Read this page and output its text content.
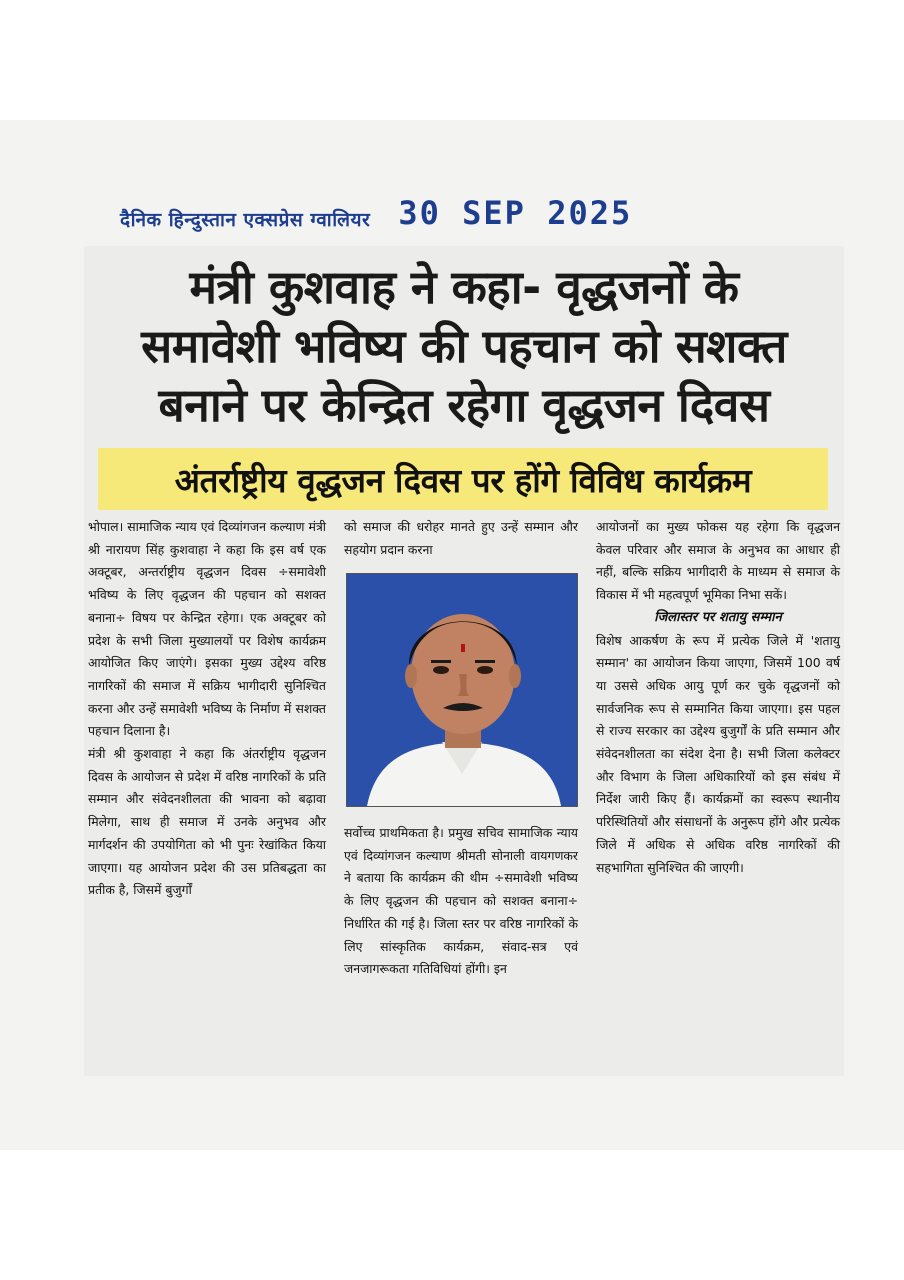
दैनिक हिन्दुस्तान एक्सप्रेस ग्वालियर 30 SEP 2025
मंत्री कुशवाह ने कहा- वृद्धजनों के
समावेशी भविष्य की पहचान को सशक्त
बनाने पर केन्द्रित रहेगा वृद्धजन दिवस
अंतर्राष्ट्रीय वृद्धजन दिवस पर होंगे विविध कार्यक्रम

भोपाल। सामाजिक न्याय एवं दिव्यांगजन कल्याण मंत्री श्री नारायण सिंह कुशवाहा ने कहा कि इस वर्ष एक अक्टूबर, अन्तर्राष्ट्रीय वृद्धजन दिवस ÷समावेशी भविष्य के लिए वृद्धजन की पहचान को सशक्त बनाना÷ विषय पर केन्द्रित रहेगा। एक अक्टूबर को प्रदेश के सभी जिला मुख्यालयों पर विशेष कार्यक्रम आयोजित किए जाएंगे। इसका मुख्य उद्देश्य वरिष्ठ नागरिकों की समाज में सक्रिय भागीदारी सुनिश्चित करना और उन्हें समावेशी भविष्य के निर्माण में सशक्त पहचान दिलाना है।

मंत्री श्री कुशवाहा ने कहा कि अंतर्राष्ट्रीय वृद्धजन दिवस के आयोजन से प्रदेश में वरिष्ठ नागरिकों के प्रति सम्मान और संवेदनशीलता की भावना को बढ़ावा मिलेगा, साथ ही समाज में उनके अनुभव और मार्गदर्शन की उपयोगिता को भी पुनः रेखांकित किया जाएगा। यह आयोजन प्रदेश की उस प्रतिबद्धता का प्रतीक है, जिसमें बुजुर्गों

को समाज की धरोहर मानते हुए उन्हें सम्मान और सहयोग प्रदान करना

सर्वोच्च प्राथमिकता है। प्रमुख सचिव सामाजिक न्याय एवं दिव्यांगजन कल्याण श्रीमती सोनाली वायगणकर ने बताया कि कार्यक्रम की थीम ÷समावेशी भविष्य के लिए वृद्धजन की पहचान को सशक्त बनाना÷ निर्धारित की गई है। जिला स्तर पर वरिष्ठ नागरिकों के लिए सांस्कृतिक कार्यक्रम, संवाद-सत्र एवं जनजागरूकता गतिविधियां होंगी। इन

आयोजनों का मुख्य फोकस यह रहेगा कि वृद्धजन केवल परिवार और समाज के अनुभव का आधार ही नहीं, बल्कि सक्रिय भागीदारी के माध्यम से समाज के विकास में भी महत्वपूर्ण भूमिका निभा सकें।

जिलास्तर पर शतायु सम्मान

विशेष आकर्षण के रूप में प्रत्येक जिले में 'शतायु सम्मान' का आयोजन किया जाएगा, जिसमें 100 वर्ष या उससे अधिक आयु पूर्ण कर चुके वृद्धजनों को सार्वजनिक रूप से सम्मानित किया जाएगा। इस पहल से राज्य सरकार का उद्देश्य बुजुर्गों के प्रति सम्मान और संवेदनशीलता का संदेश देना है। सभी जिला कलेक्टर और विभाग के जिला अधिकारियों को इस संबंध में निर्देश जारी किए हैं। कार्यक्रमों का स्वरूप स्थानीय परिस्थितियों और संसाधनों के अनुरूप होंगे और प्रत्येक जिले में अधिक से अधिक वरिष्ठ नागरिकों की सहभागिता सुनिश्चित की जाएगी।
